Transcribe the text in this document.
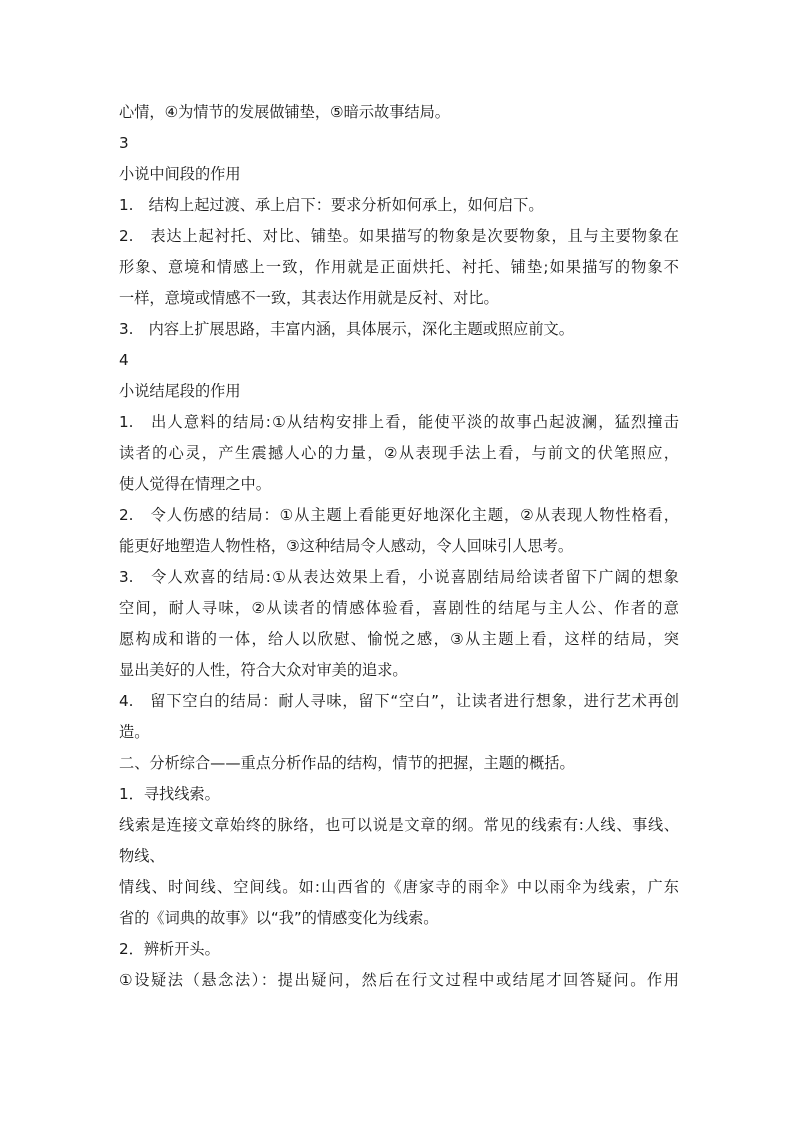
心情，④为情节的发展做铺垫，⑤暗示故事结局。
3
小说中间段的作用
1.　结构上起过渡、承上启下：要求分析如何承上，如何启下。
2.　表达上起衬托、对比、铺垫。如果描写的物象是次要物象，且与主要物象在
形象、意境和情感上一致，作用就是正面烘托、衬托、铺垫;如果描写的物象不
一样，意境或情感不一致，其表达作用就是反衬、对比。
3.　内容上扩展思路，丰富内涵，具体展示，深化主题或照应前文。
4
小说结尾段的作用
1.　出人意料的结局:①从结构安排上看，能使平淡的故事凸起波澜，猛烈撞击
读者的心灵，产生震撼人心的力量，②从表现手法上看，与前文的伏笔照应，
使人觉得在情理之中。
2.　令人伤感的结局：①从主题上看能更好地深化主题，②从表现人物性格看，
能更好地塑造人物性格，③这种结局令人感动，令人回味引人思考。
3.　令人欢喜的结局:①从表达效果上看，小说喜剧结局给读者留下广阔的想象
空间，耐人寻味，②从读者的情感体验看，喜剧性的结尾与主人公、作者的意
愿构成和谐的一体，给人以欣慰、愉悦之感，③从主题上看，这样的结局，突
显出美好的人性，符合大众对审美的追求。
4.　留下空白的结局：耐人寻味，留下“空白”，让读者进行想象，进行艺术再创
造。
二、分析综合——重点分析作品的结构，情节的把握，主题的概括。
1．寻找线索。
线索是连接文章始终的脉络，也可以说是文章的纲。常见的线索有:人线、事线、
物线、
情线、时间线、空间线。如:山西省的《唐家寺的雨伞》中以雨伞为线索，广东
省的《词典的故事》以“我”的情感变化为线索。
2．辨析开头。
①设疑法（悬念法）：提出疑问，然后在行文过程中或结尾才回答疑问。作用
